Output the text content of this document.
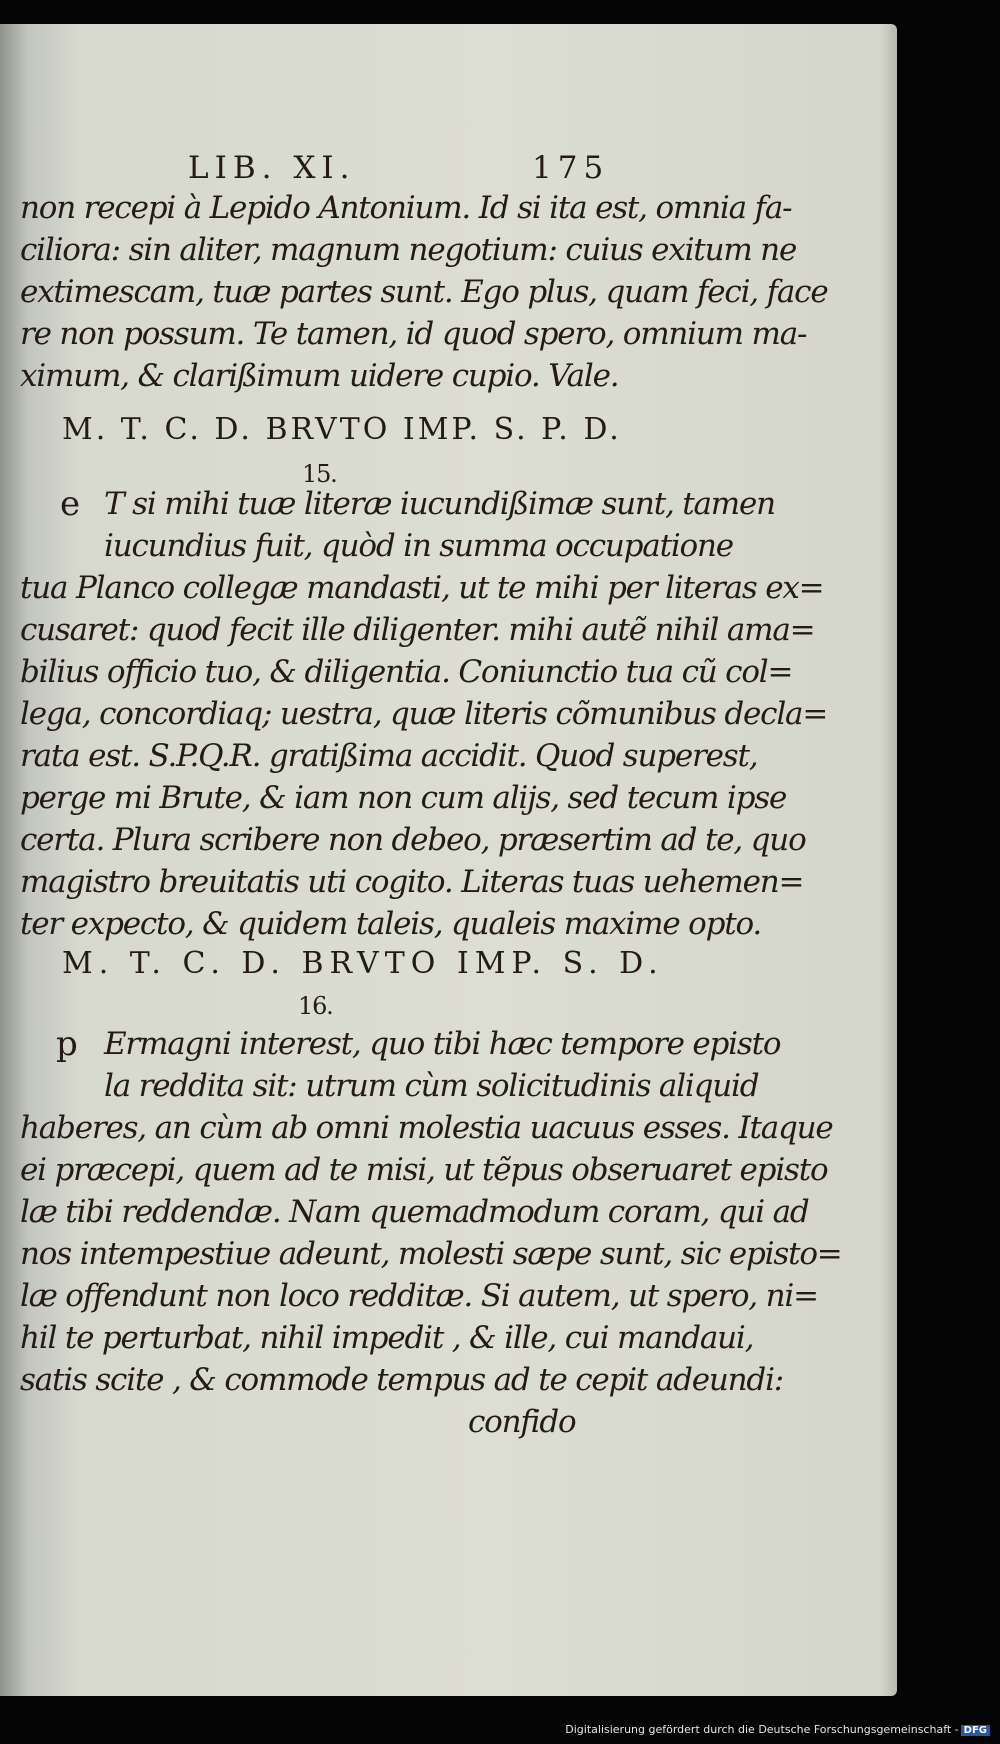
LIB. XI.	175
non recepi à Lepido Antonium. Id si ita est, omnia fa-
ciliora: sin aliter, magnum negotium: cuius exitum ne
extimescam, tuæ partes sunt. Ego plus, quam feci, face
re non possum. Te tamen, id quod spero, omnium ma-
ximum, & clarißimum uidere cupio. Vale.
M. T. C. D. BRVTO IMP. S. P. D.
15.
e T si mihi tuæ literæ iucundißimæ sunt, tamen
iucundius fuit, quòd in summa occupatione
tua Planco collegæ mandasti, ut te mihi per literas ex=
cusaret: quod fecit ille diligenter. mihi autẽ nihil ama=
bilius officio tuo, & diligentia. Coniunctio tua cũ col=
lega, concordiaq; uestra, quæ literis cõmunibus decla=
rata est. S.P.Q.R. gratißima accidit. Quod superest,
perge mi Brute, & iam non cum alijs, sed tecum ipse
certa. Plura scribere non debeo, præsertim ad te, quo
magistro breuitatis uti cogito. Literas tuas uehemen=
ter expecto, & quidem taleis, qualeis maxime opto.
M. T. C. D. BRVTO IMP. S. D.
16.
p Ermagni interest, quo tibi hæc tempore episto
la reddita sit: utrum cùm solicitudinis aliquid
haberes, an cùm ab omni molestia uacuus esses. Itaque
ei præcepi, quem ad te misi, ut tẽpus obseruaret episto
læ tibi reddendæ. Nam quemadmodum coram, qui ad
nos intempestiue adeunt, molesti sæpe sunt, sic episto=
læ offendunt non loco redditæ. Si autem, ut spero, ni=
hil te perturbat, nihil impedit , & ille, cui mandaui,
satis scite , & commode tempus ad te cepit adeundi:
confido
Digitalisierung gefördert durch die Deutsche Forschungsgemeinschaft - DFG
